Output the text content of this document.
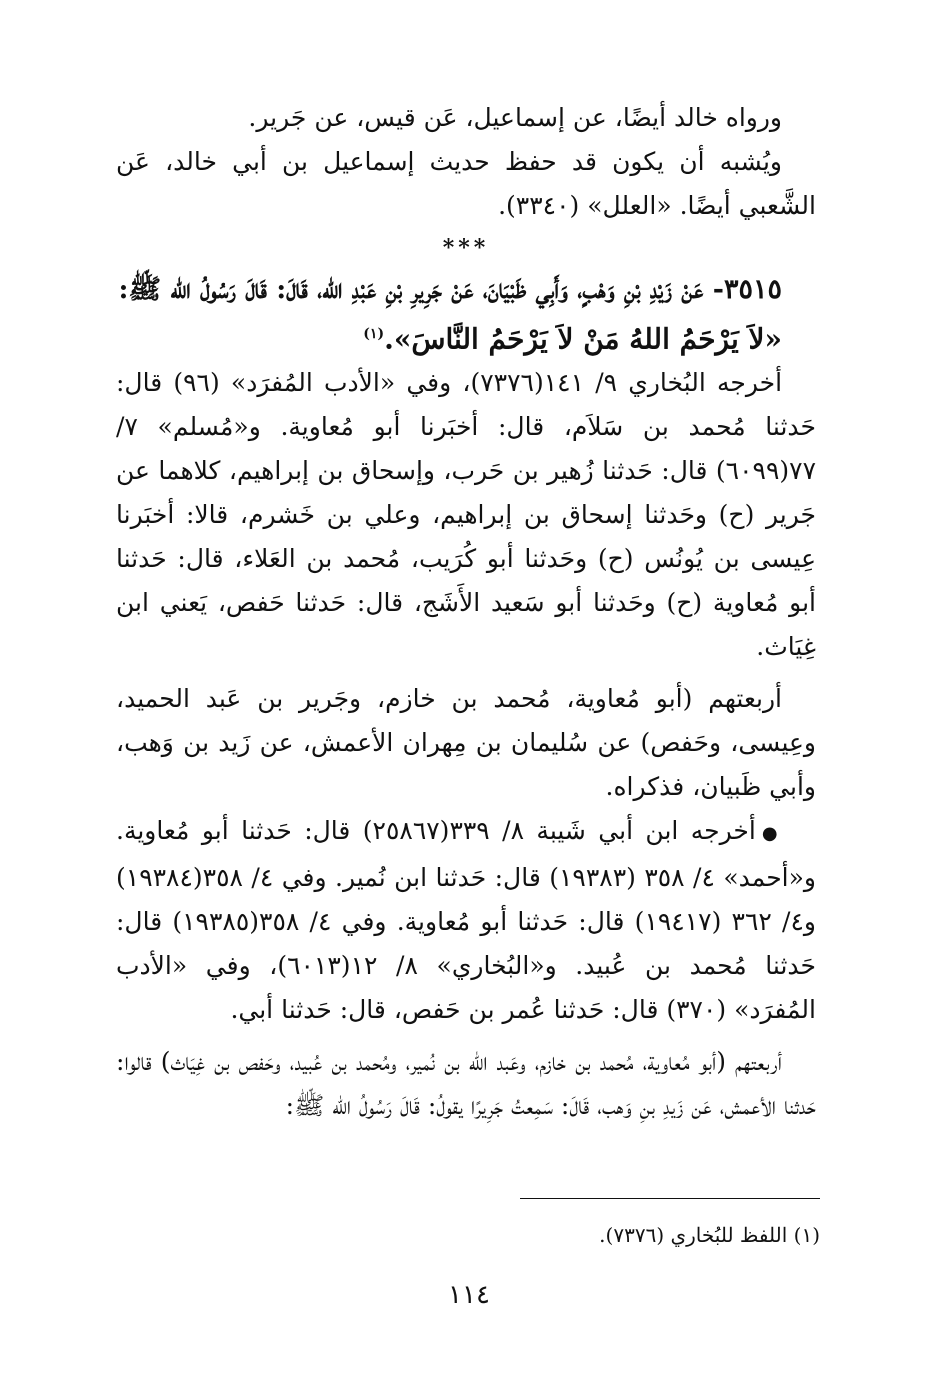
ورواه خالد أيضًا، عن إسماعيل، عَن قيس، عن جَرير.

ويُشبه أن يكون قد حفظ حديث إسماعيل بن أبي خالد، عَن الشَّعبي أيضًا. «العلل» (٣٣٤٠).

***

٣٥١٥- عَنْ زَيْدِ بْنِ وَهْبٍ، وَأَبِي ظَبْيَانَ، عَنْ جَرِيرِ بْنِ عَبْدِ الله، قَالَ: قَالَ رَسُولُ الله ﷺ:

«لاَ يَرْحَمُ اللهُ مَنْ لاَ يَرْحَمُ النَّاسَ».$^{(١)}$

أخرجه البُخاري ٩/ ١٤١(٧٣٧٦)، وفي «الأدب المُفرَد» (٩٦) قال: حَدثنا مُحمد بن سَلاَم، قال: أخبَرنا أبو مُعاوية. و«مُسلم» ٧/ ٧٧(٦٠٩٩) قال: حَدثنا زُهير بن حَرب، وإسحاق بن إبراهيم، كلاهما عن جَرير (ح) وحَدثنا إسحاق بن إبراهيم، وعلي بن خَشرم، قالا: أخبَرنا عِيسى بن يُونُس (ح) وحَدثنا أبو كُرَيب، مُحمد بن العَلاء، قال: حَدثنا أبو مُعاوية (ح) وحَدثنا أبو سَعيد الأَشَج، قال: حَدثنا حَفص، يَعني ابن غِيَاث.

أربعتهم (أبو مُعاوية، مُحمد بن خازم، وجَرير بن عَبد الحميد، وعِيسى، وحَفص) عن سُليمان بن مِهران الأعمش، عن زَيد بن وَهب، وأبي ظَبيان، فذكراه.

●أخرجه ابن أبي شَيبة ٨/ ٣٣٩(٢٥٨٦٧) قال: حَدثنا أبو مُعاوية. و«أحمد» ٤/ ٣٥٨ (١٩٣٨٣) قال: حَدثنا ابن نُمير. وفي ٤/ ٣٥٨(١٩٣٨٤) و٤/ ٣٦٢ (١٩٤١٧) قال: حَدثنا أبو مُعاوية. وفي ٤/ ٣٥٨(١٩٣٨٥) قال: حَدثنا مُحمد بن عُبيد. و«البُخاري» ٨/ ١٢(٦٠١٣)، وفي «الأدب المُفرَد» (٣٧٠) قال: حَدثنا عُمر بن حَفص، قال: حَدثنا أبي.

أربعتهم (أبو مُعاوية، مُحمد بن خازم، وعَبد الله بن نُمير، ومُحمد بن عُبيد، وحَفص بن غِيَاث) قالوا: حَدثنا الأعمش، عَن زَيدِ بنِ وَهب، قَالَ: سَمِعتُ جَرِيرًا يقولُ: قَالَ رَسُولُ الله ﷺ:

(١) اللفظ للبُخاري (٧٣٧٦).
١١٤
